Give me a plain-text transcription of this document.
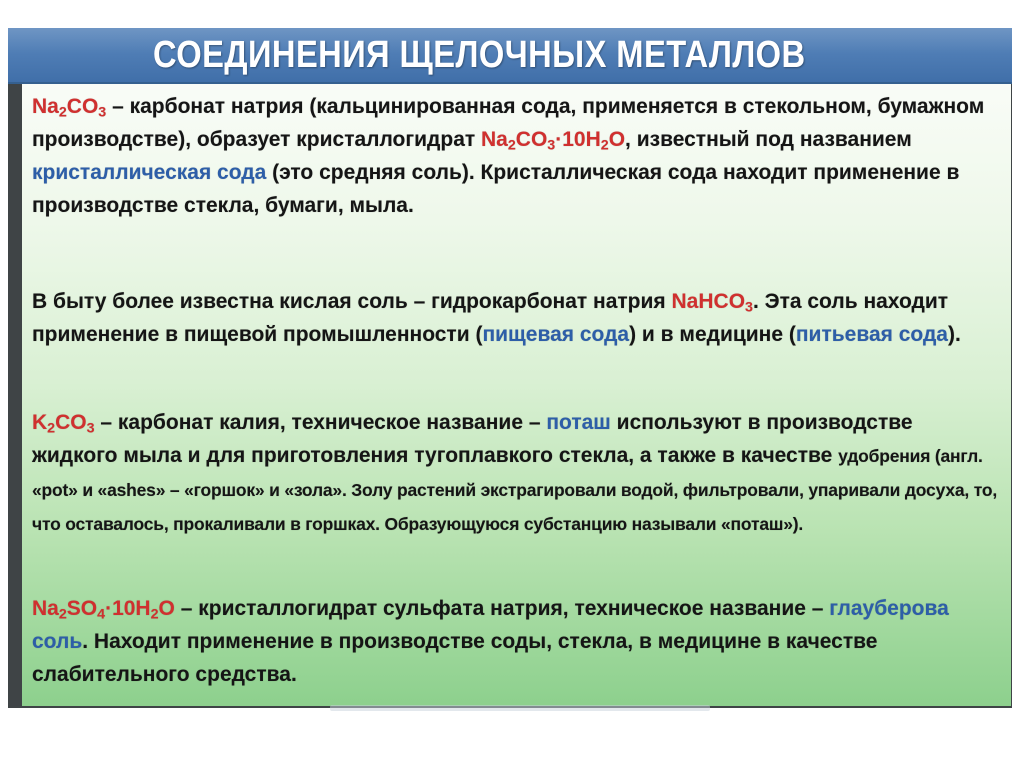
СОЕДИНЕНИЯ ЩЕЛОЧНЫХ МЕТАЛЛОВ

$Na_2CO_3$ – карбонат натрия (кальцинированная сода, применяется в стекольном, бумажном производстве), образует кристаллогидрат $Na_2CO_3\cdot 10H_2O$, известный под названием кристаллическая сода (это средняя соль). Кристаллическая сода находит применение в производстве стекла, бумаги, мыла.

В быту более известна кислая соль – гидрокарбонат натрия NaHCO$_3$. Эта соль находит применение в пищевой промышленности (пищевая сода) и в медицине (питьевая сода).

$K_2CO_3$ – карбонат калия, техническое название – поташ используют в производстве жидкого мыла и для приготовления тугоплавкого стекла, а также в качестве удобрения (англ. «pot» и «ashes» – «горшок» и «зола». Золу растений экстрагировали водой, фильтровали, упаривали досуха, то, что оставалось, прокаливали в горшках. Образующуюся субстанцию называли «поташ»).

$Na_2SO_4\cdot 10H_2O$ – кристаллогидрат сульфата натрия, техническое название – глауберова соль. Находит применение в производстве соды, стекла, в медицине в качестве слабительного средства.
